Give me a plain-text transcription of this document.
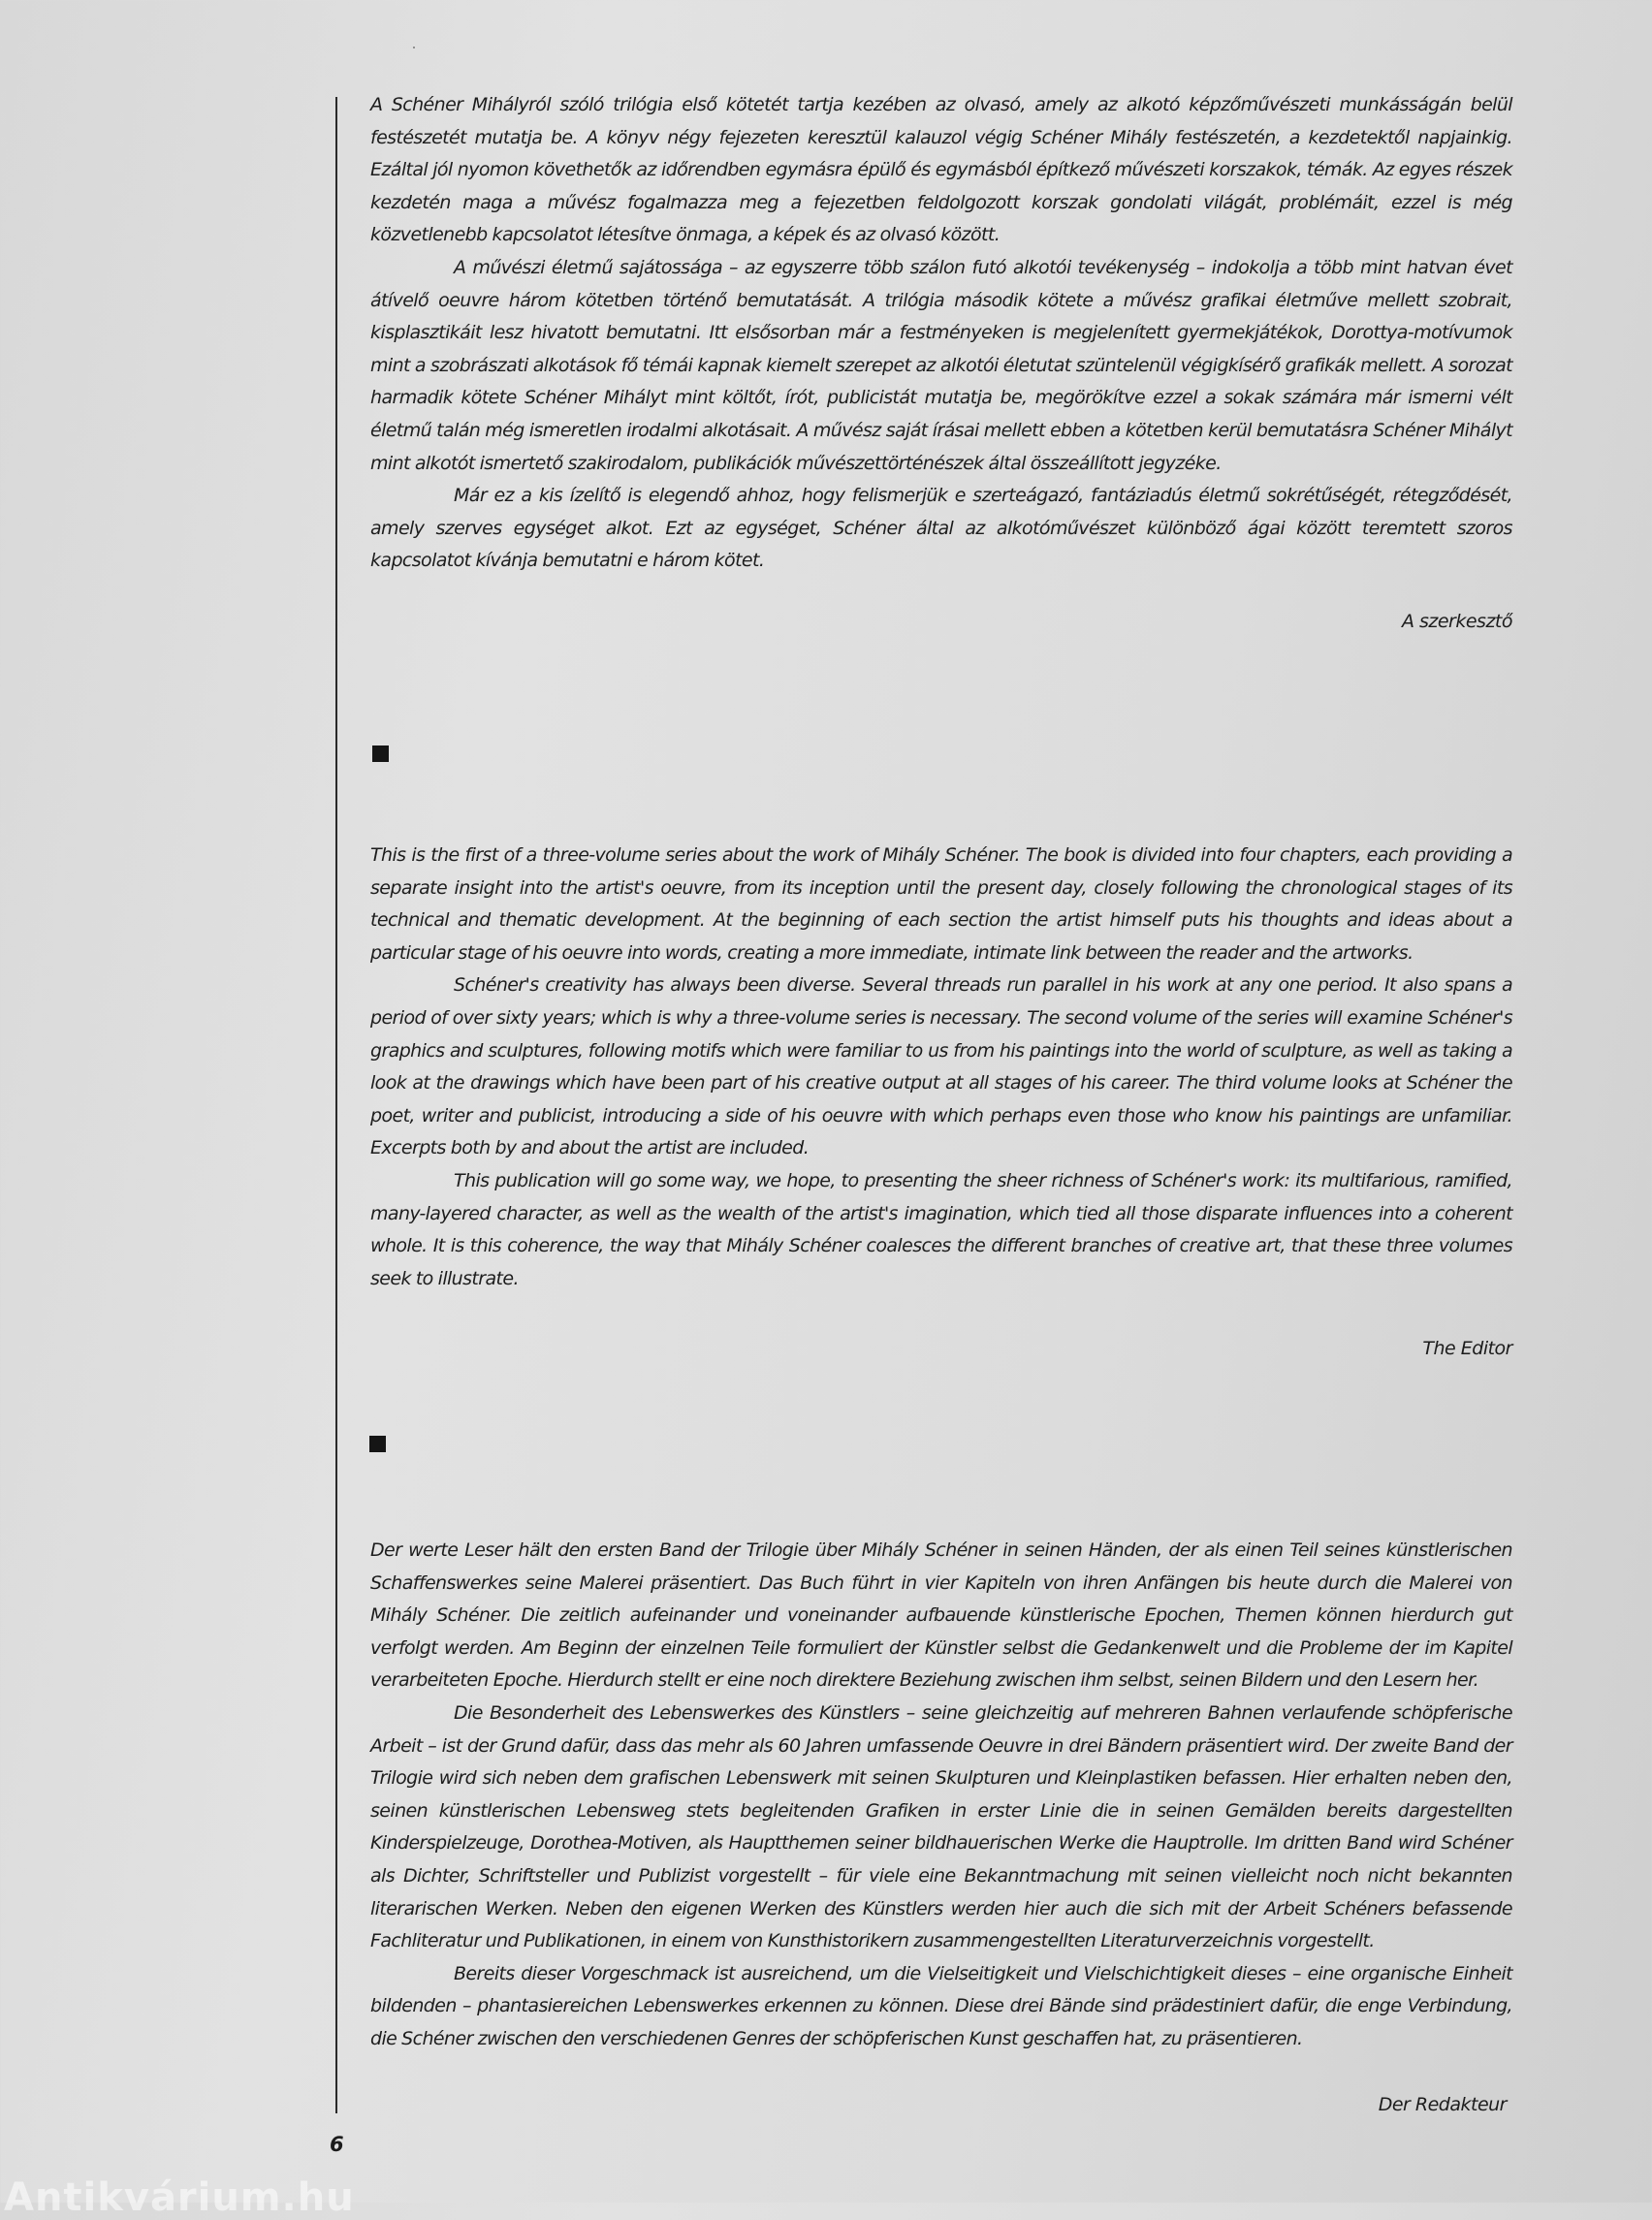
A Schéner Mihályról szóló trilógia első kötetét tartja kezében az olvasó, amely az alkotó képzőművészeti munkásságán belül festészetét mutatja be. A könyv négy fejezeten keresztül kalauzol végig Schéner Mihály festészetén, a kezdetektől napjainkig. Ezáltal jól nyomon követhetők az időrendben egymásra épülő és egymásból építkező művészeti korszakok, témák. Az egyes részek kezdetén maga a művész fogalmazza meg a fejezetben feldolgozott korszak gondolati világát, problémáit, ezzel is még közvetlenebb kapcsolatot létesítve önmaga, a képek és az olvasó között.

A művészi életmű sajátossága – az egyszerre több szálon futó alkotói tevékenység – indokolja a több mint hatvan évet átívelő oeuvre három kötetben történő bemutatását. A trilógia második kötete a művész grafikai életműve mellett szobrait, kisplasztikáit lesz hivatott bemutatni. Itt elsősorban már a festményeken is megjelenített gyermekjátékok, Dorottya-motívumok mint a szobrászati alkotások fő témái kapnak kiemelt szerepet az alkotói életutat szüntelenül végigkísérő grafikák mellett. A sorozat harmadik kötete Schéner Mihályt mint költőt, írót, publicistát mutatja be, megörökítve ezzel a sokak számára már ismerni vélt életmű talán még ismeretlen irodalmi alkotásait. A művész saját írásai mellett ebben a kötetben kerül bemutatásra Schéner Mihályt mint alkotót ismertető szakirodalom, publikációk művészettörténészek által összeállított jegyzéke.

Már ez a kis ízelítő is elegendő ahhoz, hogy felismerjük e szerteágazó, fantáziadús életmű sokrétűségét, rétegződését, amely szerves egységet alkot. Ezt az egységet, Schéner által az alkotóművészet különböző ágai között teremtett szoros kapcsolatot kívánja bemutatni e három kötet.

A szerkesztő

This is the first of a three-volume series about the work of Mihály Schéner. The book is divided into four chapters, each providing a separate insight into the artist's oeuvre, from its inception until the present day, closely following the chronological stages of its technical and thematic development. At the beginning of each section the artist himself puts his thoughts and ideas about a particular stage of his oeuvre into words, creating a more immediate, intimate link between the reader and the artworks.

Schéner's creativity has always been diverse. Several threads run parallel in his work at any one period. It also spans a period of over sixty years; which is why a three-volume series is necessary. The second volume of the series will examine Schéner's graphics and sculptures, following motifs which were familiar to us from his paintings into the world of sculpture, as well as taking a look at the drawings which have been part of his creative output at all stages of his career. The third volume looks at Schéner the poet, writer and publicist, introducing a side of his oeuvre with which perhaps even those who know his paintings are unfamiliar. Excerpts both by and about the artist are included.

This publication will go some way, we hope, to presenting the sheer richness of Schéner's work: its multifarious, ramified, many-layered character, as well as the wealth of the artist's imagination, which tied all those disparate influences into a coherent whole. It is this coherence, the way that Mihály Schéner coalesces the different branches of creative art, that these three volumes seek to illustrate.

The Editor

Der werte Leser hält den ersten Band der Trilogie über Mihály Schéner in seinen Händen, der als einen Teil seines künstlerischen Schaffenswerkes seine Malerei präsentiert. Das Buch führt in vier Kapiteln von ihren Anfängen bis heute durch die Malerei von Mihály Schéner. Die zeitlich aufeinander und voneinander aufbauende künstlerische Epochen, Themen können hierdurch gut verfolgt werden. Am Beginn der einzelnen Teile formuliert der Künstler selbst die Gedankenwelt und die Probleme der im Kapitel verarbeiteten Epoche. Hierdurch stellt er eine noch direktere Beziehung zwischen ihm selbst, seinen Bildern und den Lesern her.

Die Besonderheit des Lebenswerkes des Künstlers – seine gleichzeitig auf mehreren Bahnen verlaufende schöpferische Arbeit – ist der Grund dafür, dass das mehr als 60 Jahren umfassende Oeuvre in drei Bändern präsentiert wird. Der zweite Band der Trilogie wird sich neben dem grafischen Lebenswerk mit seinen Skulpturen und Kleinplastiken befassen. Hier erhalten neben den, seinen künstlerischen Lebensweg stets begleitenden Grafiken in erster Linie die in seinen Gemälden bereits dargestellten Kinderspielzeuge, Dorothea-Motiven, als Hauptthemen seiner bildhauerischen Werke die Hauptrolle. Im dritten Band wird Schéner als Dichter, Schriftsteller und Publizist vorgestellt – für viele eine Bekanntmachung mit seinen vielleicht noch nicht bekannten literarischen Werken. Neben den eigenen Werken des Künstlers werden hier auch die sich mit der Arbeit Schéners befassende Fachliteratur und Publikationen, in einem von Kunsthistorikern zusammengestellten Literaturverzeichnis vorgestellt.

Bereits dieser Vorgeschmack ist ausreichend, um die Vielseitigkeit und Vielschichtigkeit dieses – eine organische Einheit bildenden – phantasiereichen Lebenswerkes erkennen zu können. Diese drei Bände sind prädestiniert dafür, die enge Verbindung, die Schéner zwischen den verschiedenen Genres der schöpferischen Kunst geschaffen hat, zu präsentieren.

Der Redakteur
6
Antikvárium.hu
